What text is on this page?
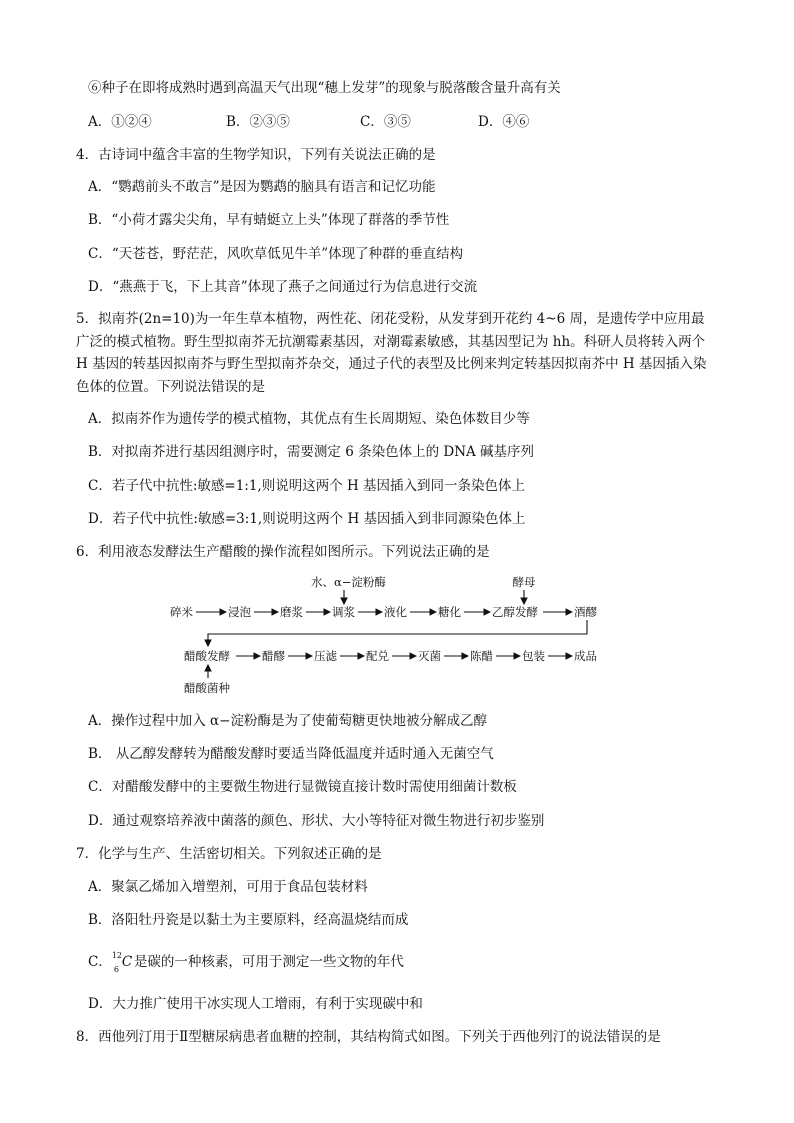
⑥种子在即将成熟时遇到高温天气出现“穗上发芽”的现象与脱落酸含量升高有关
A．①②④	B．②③⑤	C．③⑤	D．④⑥
4．古诗词中蕴含丰富的生物学知识，下列有关说法正确的是
A．“鹦鹉前头不敢言”是因为鹦鹉的脑具有语言和记忆功能
B．“小荷才露尖尖角，早有蜻蜓立上头”体现了群落的季节性
C．“天苍苍，野茫茫，风吹草低见牛羊”体现了种群的垂直结构
D．“燕燕于飞，下上其音”体现了燕子之间通过行为信息进行交流
5．拟南芥(2n=10)为一年生草本植物，两性花、闭花受粉，从发芽到开花约 4~6 周，是遗传学中应用最广泛的模式植物。野生型拟南芥无抗潮霉素基因，对潮霉素敏感，其基因型记为 hh。科研人员将转入两个 H 基因的转基因拟南芥与野生型拟南芥杂交，通过子代的表型及比例来判定转基因拟南芥中 H 基因插入染色体的位置。下列说法错误的是
A．拟南芥作为遗传学的模式植物，其优点有生长周期短、染色体数目少等
B．对拟南芥进行基因组测序时，需要测定 6 条染色体上的 DNA 碱基序列
C．若子代中抗性:敏感=1:1,则说明这两个 H 基因插入到同一条染色体上
D．若子代中抗性:敏感=3:1,则说明这两个 H 基因插入到非同源染色体上
6．利用液态发酵法生产醋酸的操作流程如图所示。下列说法正确的是
水、α−淀粉酶	酵母
碎米	浸泡	磨浆	调浆	液化	糖化	乙醇发酵	酒醪
醋酸发酵	醋醪	压滤	配兑	灭菌	陈醋	包装	成品
醋酸菌种
A．操作过程中加入 α−淀粉酶是为了使葡萄糖更快地被分解成乙醇
B． 从乙醇发酵转为醋酸发酵时要适当降低温度并适时通入无菌空气
C．对醋酸发酵中的主要微生物进行显微镜直接计数时需使用细菌计数板
D．通过观察培养液中菌落的颜色、形状、大小等特征对微生物进行初步鉴别
7．化学与生产、生活密切相关。下列叙述正确的是
A．聚氯乙烯加入增塑剂，可用于食品包装材料
B．洛阳牡丹瓷是以黏土为主要原料，经高温烧结而成
C． 12
6 C 是碳的一种核素，可用于测定一些文物的年代
D．大力推广使用干冰实现人工增雨，有利于实现碳中和
8．西他列汀用于Ⅱ型糖尿病患者血糖的控制，其结构简式如图。下列关于西他列汀的说法错误的是
